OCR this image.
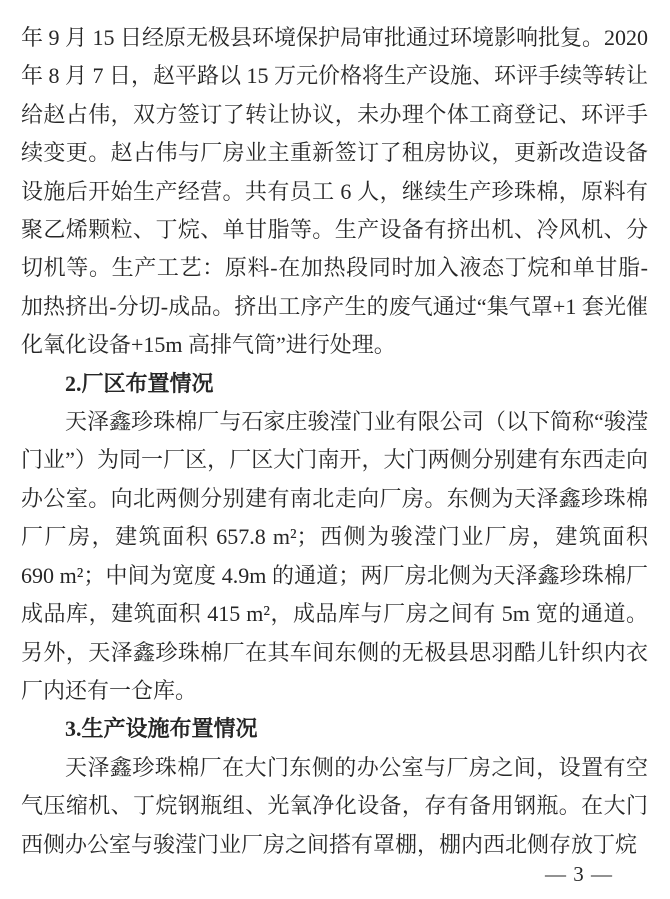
年 9 月 15 日经原无极县环境保护局审批通过环境影响批复。2020 年 8 月 7 日，赵平路以 15 万元价格将生产设施、环评手续等转让给赵占伟，双方签订了转让协议，未办理个体工商登记、环评手续变更。赵占伟与厂房业主重新签订了租房协议，更新改造设备设施后开始生产经营。共有员工 6 人，继续生产珍珠棉，原料有聚乙烯颗粒、丁烷、单甘脂等。生产设备有挤出机、冷风机、分切机等。生产工艺：原料-在加热段同时加入液态丁烷和单甘脂-加热挤出-分切-成品。挤出工序产生的废气通过“集气罩+1 套光催化氧化设备+15m 高排气筒”进行处理。

2.厂区布置情况

天泽鑫珍珠棉厂与石家庄骏滢门业有限公司（以下简称“骏滢门业”）为同一厂区，厂区大门南开，大门两侧分别建有东西走向办公室。向北两侧分别建有南北走向厂房。东侧为天泽鑫珍珠棉厂厂房，建筑面积 657.8 m²；西侧为骏滢门业厂房，建筑面积 690 m²；中间为宽度 4.9m 的通道；两厂房北侧为天泽鑫珍珠棉厂成品库，建筑面积 415 m²，成品库与厂房之间有 5m 宽的通道。另外，天泽鑫珍珠棉厂在其车间东侧的无极县思羽酷儿针织内衣厂内还有一仓库。

3.生产设施布置情况

天泽鑫珍珠棉厂在大门东侧的办公室与厂房之间，设置有空气压缩机、丁烷钢瓶组、光氧净化设备，存有备用钢瓶。在大门西侧办公室与骏滢门业厂房之间搭有罩棚，棚内西北侧存放丁烷

— 3 —
